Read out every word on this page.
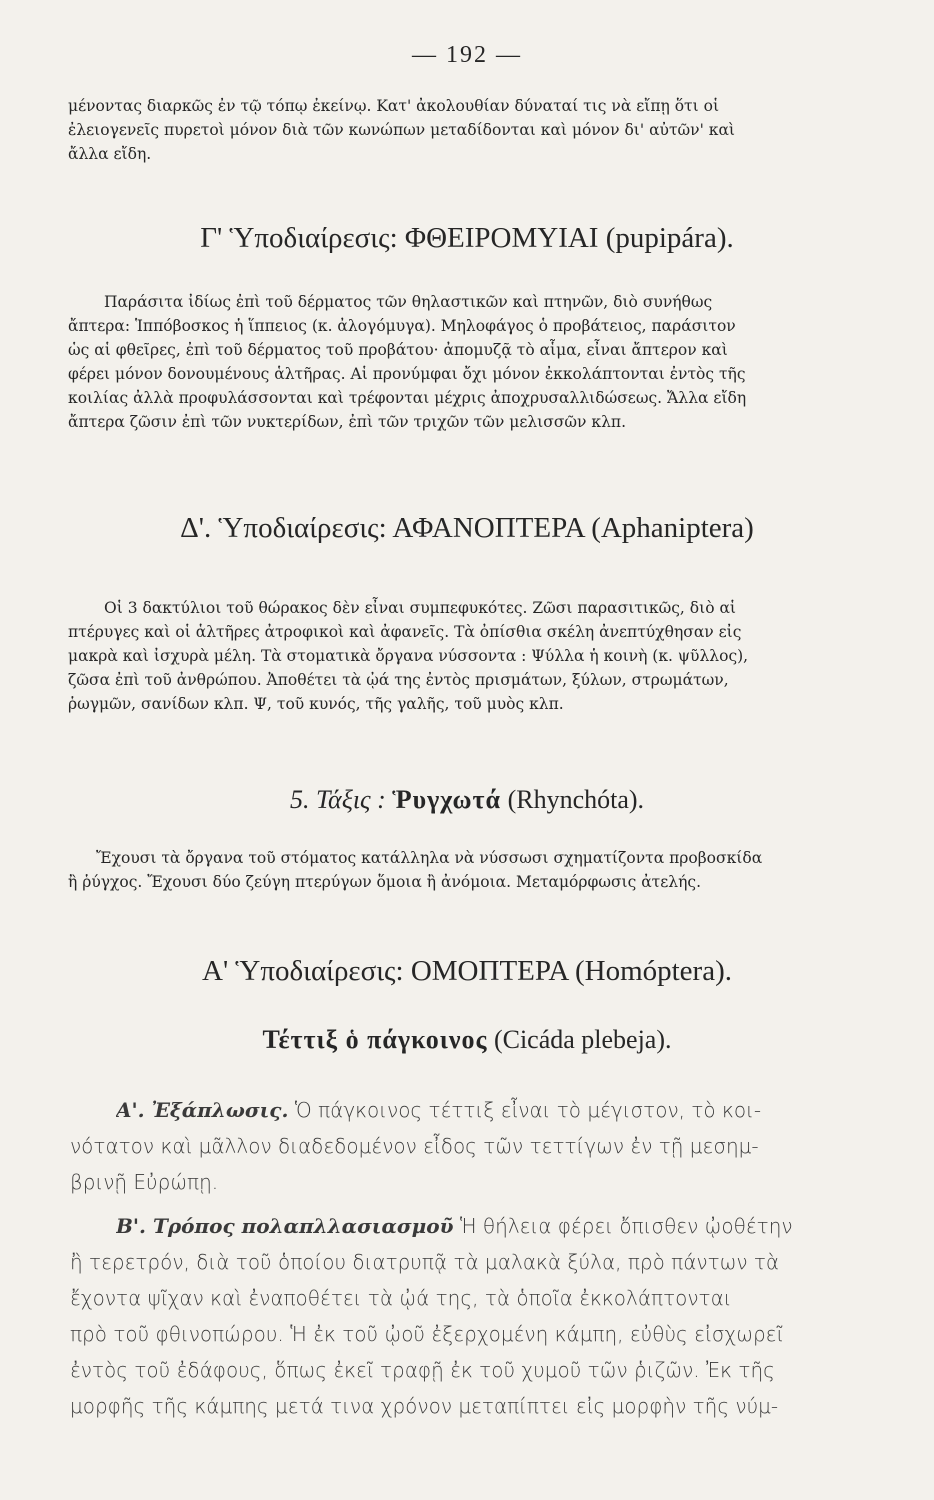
— 192 —
μένοντας διαρκῶς ἐν τῷ τόπῳ ἐκείνῳ. Κατ' ἀκολουθίαν δύναταί τις νὰ εἴπῃ ὅτι οἱ
ἐλειογενεῖς πυρετοὶ μόνον διὰ τῶν κωνώπων μεταδίδονται καὶ μόνον δι' αὐτῶν' καὶ
ἄλλα εἴδη.
Γ' Ὑποδιαίρεσις: ΦΘΕΙΡΟΜΥΙΑΙ (pupipára).
Παράσιτα ἰδίως ἐπὶ τοῦ δέρματος τῶν θηλαστικῶν καὶ πτηνῶν, διὸ συνήθως
ἄπτερα: Ἱππόβοσκος ἡ ἵππειος (κ. ἀλογόμυγα). Μηλοφάγος ὁ προβάτειος, παράσιτον
ὡς αἱ φθεῖρες, ἐπὶ τοῦ δέρματος τοῦ προβάτου· ἀπομυζᾷ τὸ αἷμα, εἶναι ἄπτερον καὶ
φέρει μόνον δονουμένους ἁλτῆρας. Αἱ προνύμφαι ὄχι μόνον ἐκκολάπτονται ἐντὸς τῆς
κοιλίας ἀλλὰ προφυλάσσονται καὶ τρέφονται μέχρις ἀποχρυσαλλιδώσεως. Ἄλλα εἴδη
ἄπτερα ζῶσιν ἐπὶ τῶν νυκτερίδων, ἐπὶ τῶν τριχῶν τῶν μελισσῶν κλπ.
Δ'. Ὑποδιαίρεσις: ΑΦΑΝΟΠΤΕΡΑ (Aphaniptera)
Οἱ 3 δακτύλιοι τοῦ θώρακος δὲν εἶναι συμπεφυκότες. Ζῶσι παρασιτικῶς, διὸ αἱ
πτέρυγες καὶ οἱ ἁλτῆρες ἀτροφικοὶ καὶ ἀφανεῖς. Τὰ ὀπίσθια σκέλη ἀνεπτύχθησαν εἰς
μακρὰ καὶ ἰσχυρὰ μέλη. Τὰ στοματικὰ ὄργανα νύσσοντα : Ψύλλα ἡ κοινὴ (κ. ψῦλλος),
ζῶσα ἐπὶ τοῦ ἀνθρώπου. Ἀποθέτει τὰ ᾠά της ἐντὸς πρισμάτων, ξύλων, στρωμάτων,
ῥωγμῶν, σανίδων κλπ. Ψ, τοῦ κυνός, τῆς γαλῆς, τοῦ μυὸς κλπ.
5. Τάξις : Ῥυγχωτά (Rhynchóta).
Ἔχουσι τὰ ὄργανα τοῦ στόματος κατάλληλα νὰ νύσσωσι σχηματίζοντα προβοσκίδα
ἢ ῥύγχος. Ἔχουσι δύο ζεύγη πτερύγων ὅμοια ἢ ἀνόμοια. Μεταμόρφωσις ἀτελής.
Α' Ὑποδιαίρεσις: ΟΜΟΠΤΕΡΑ (Homóptera).
Τέττιξ ὁ πάγκοινος (Cicáda plebeja).
Α'. Ἐξάπλωσις. Ὁ πάγκοινος τέττιξ εἶναι τὸ μέγιστον, τὸ κοι-
νότατον καὶ μᾶλλον διαδεδομένον εἶδος τῶν τεττίγων ἐν τῇ μεσημ-
βρινῇ Εὐρώπῃ.
Β'. Τρόπος πολαπλλασιασμοῦ Ἡ θήλεια φέρει ὄπισθεν ᾠοθέτην
ἢ τερετρόν, διὰ τοῦ ὁποίου διατρυπᾷ τὰ μαλακὰ ξύλα, πρὸ πάντων τὰ
ἔχοντα ψῖχαν καὶ ἐναποθέτει τὰ ᾠά της, τὰ ὁποῖα ἐκκολάπτονται
πρὸ τοῦ φθινοπώρου. Ἡ ἐκ τοῦ ᾠοῦ ἐξερχομένη κάμπη, εὐθὺς εἰσχωρεῖ
ἐντὸς τοῦ ἐδάφους, ὅπως ἐκεῖ τραφῇ ἐκ τοῦ χυμοῦ τῶν ῥιζῶν. Ἐκ τῆς
μορφῆς τῆς κάμπης μετά τινα χρόνον μεταπίπτει εἰς μορφὴν τῆς νύμ-
